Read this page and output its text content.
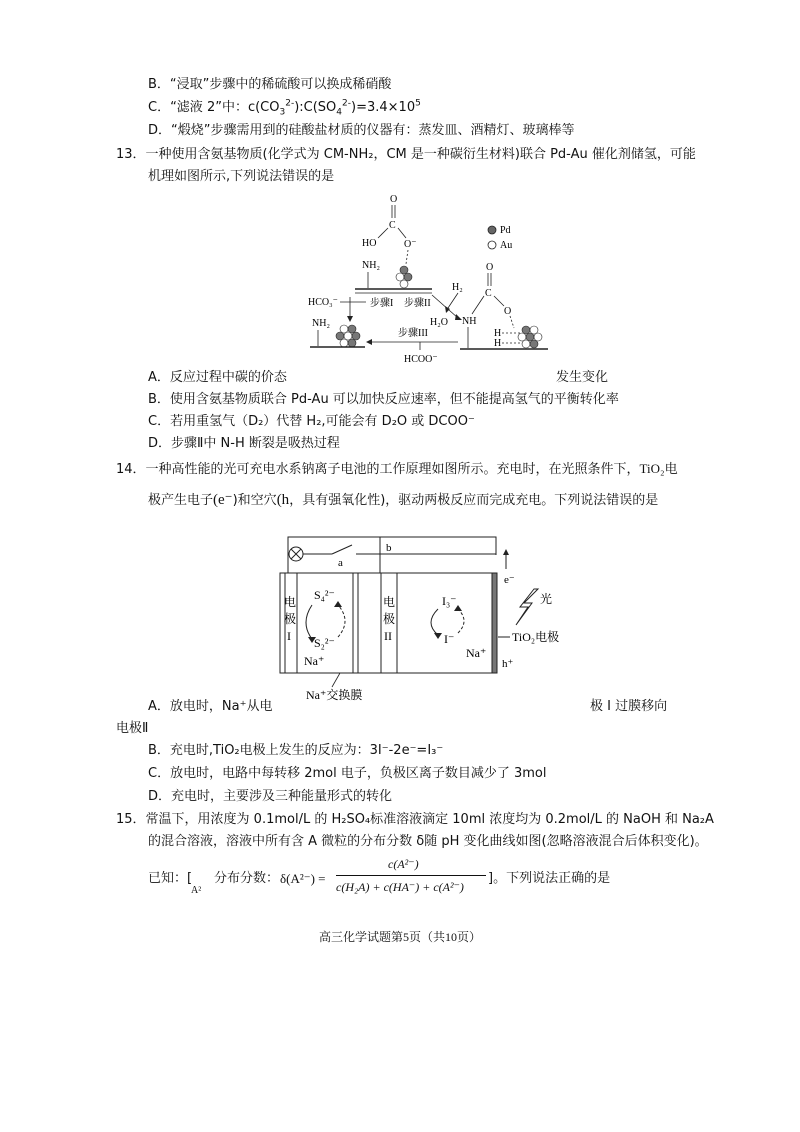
B．“浸取”步骤中的稀硫酸可以换成稀硝酸
C．“滤液 2”中：$c(CO_3^{2-}):C(SO_4^{2-})=3.4\times 10^5$
D．“煅烧”步骤需用到的硅酸盐材质的仪器有：蒸发皿、酒精灯、玻璃棒等
13．一种使用含氨基物质(化学式为 CM-NH₂，CM 是一种碳衍生材料)联合 Pd-Au 催化剂储氢，可能
机理如图所示,下列说法错误的是
Pd
Au
O
C
HO	O⁻
NH₂
HCO₃⁻	步骤I 步骤II
H₂
H₂O
NH₂
步骤III
HCOO⁻
O
C
O
NH
H
H
A．反应过程中碳的价态	发生变化
B．使用含氨基物质联合 Pd-Au 可以加快反应速率，但不能提高氢气的平衡转化率
C．若用重氢气（D₂）代替 H₂,可能会有 D₂O 或 DCOO⁻
D．步骤Ⅱ中 N-H 断裂是吸热过程
14．一种高性能的光可充电水系钠离子电池的工作原理如图所示。充电时，在光照条件下，TiO₂电
极产生电子(e⁻)和空穴(h，具有强氧化性)，驱动两极反应而完成充电。下列说法错误的是
a
b
电
极
I
电
极
II
S₄²⁻
S₂²⁻
Na⁺
I₃⁻
I⁻
Na⁺
e⁻
光
TiO₂电极
h⁺
Na⁺交换膜
A．放电时，Na⁺从电	极 I 过膜移向
电极Ⅱ
B．充电时,TiO₂电极上发生的反应为：3I⁻-2e⁻=I₃⁻
C．放电时，电路中每转移 2mol 电子，负极区离子数目减少了 3mol
D．充电时，主要涉及三种能量形式的转化
15．常温下，用浓度为 0.1mol/L 的 H₂SO₄标准溶液滴定 10ml 浓度均为 0.2mol/L 的 NaOH 和 Na₂A
的混合溶液，溶液中所有含 A 微粒的分布分数 δ随 pH 变化曲线如图(忽略溶液混合后体积变化)。
已知：[
A²
分布分数： δ(A²⁻) =
c(A²⁻)
c(H₂A) + c(HA⁻) + c(A²⁻)
]。下列说法正确的是
高三化学试题第5页（共10页）
